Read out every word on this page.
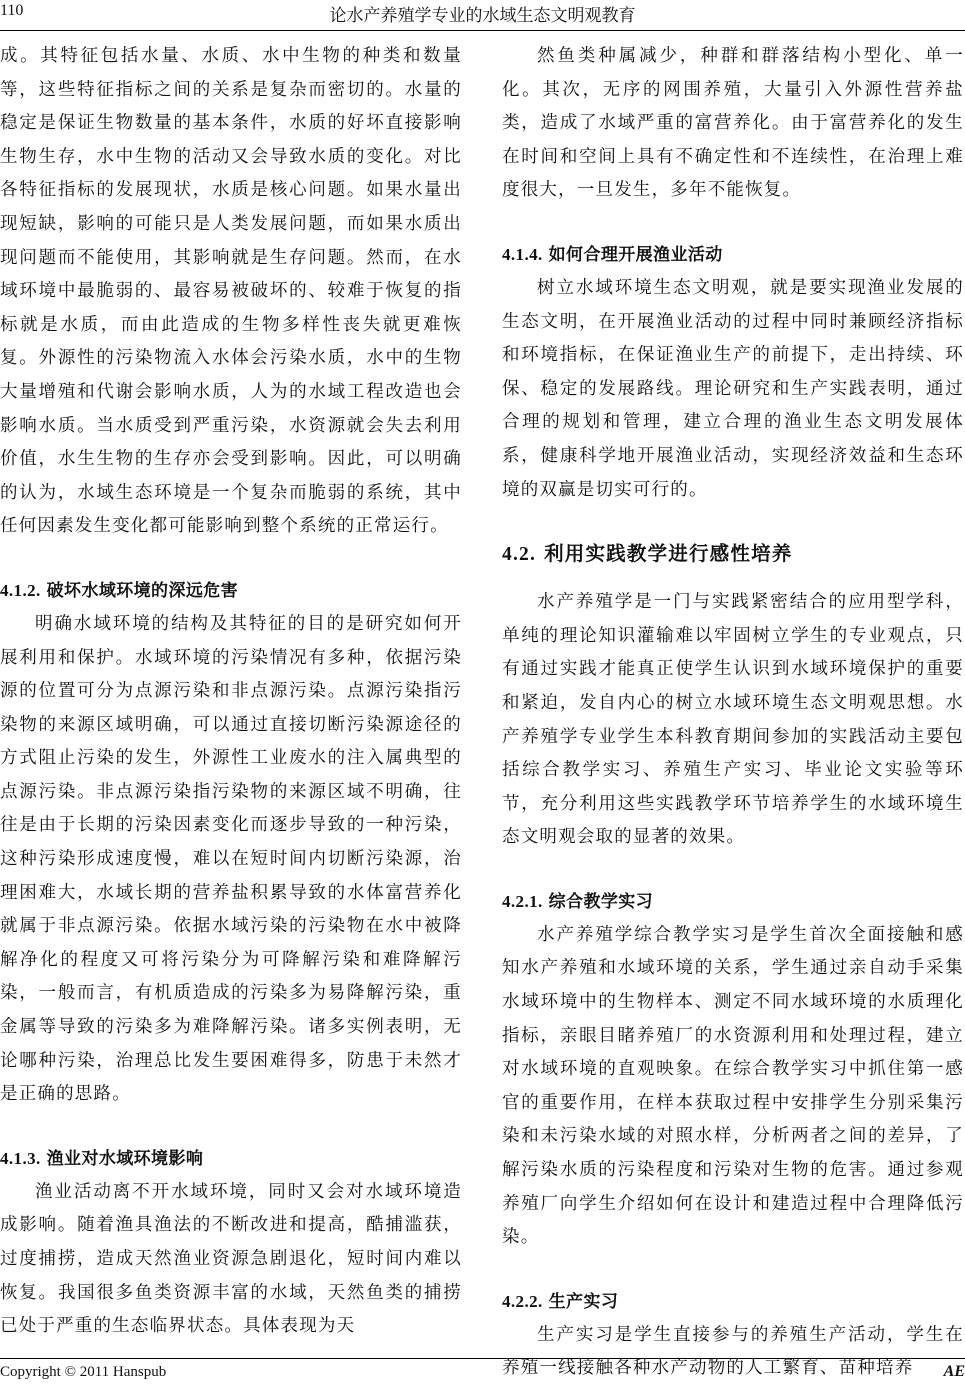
110	论水产养殖学专业的水域生态文明观教育

成。其特征包括水量、水质、水中生物的种类和数量等，这些特征指标之间的关系是复杂而密切的。水量的稳定是保证生物数量的基本条件，水质的好坏直接影响生物生存，水中生物的活动又会导致水质的变化。对比各特征指标的发展现状，水质是核心问题。如果水量出现短缺，影响的可能只是人类发展问题，而如果水质出现问题而不能使用，其影响就是生存问题。然而，在水域环境中最脆弱的、最容易被破坏的、较难于恢复的指标就是水质，而由此造成的生物多样性丧失就更难恢复。外源性的污染物流入水体会污染水质，水中的生物大量增殖和代谢会影响水质，人为的水域工程改造也会影响水质。当水质受到严重污染，水资源就会失去利用价值，水生生物的生存亦会受到影响。因此，可以明确的认为，水域生态环境是一个复杂而脆弱的系统，其中任何因素发生变化都可能影响到整个系统的正常运行。

4.1.2. 破坏水域环境的深远危害

明确水域环境的结构及其特征的目的是研究如何开展利用和保护。水域环境的污染情况有多种，依据污染源的位置可分为点源污染和非点源污染。点源污染指污染物的来源区域明确，可以通过直接切断污染源途径的方式阻止污染的发生，外源性工业废水的注入属典型的点源污染。非点源污染指污染物的来源区域不明确，往往是由于长期的污染因素变化而逐步导致的一种污染，这种污染形成速度慢，难以在短时间内切断污染源，治理困难大，水域长期的营养盐积累导致的水体富营养化就属于非点源污染。依据水域污染的污染物在水中被降解净化的程度又可将污染分为可降解污染和难降解污染，一般而言，有机质造成的污染多为易降解污染，重金属等导致的污染多为难降解污染。诸多实例表明，无论哪种污染，治理总比发生要困难得多，防患于未然才是正确的思路。

4.1.3. 渔业对水域环境影响

渔业活动离不开水域环境，同时又会对水域环境造成影响。随着渔具渔法的不断改进和提高，酷捕滥获，过度捕捞，造成天然渔业资源急剧退化，短时间内难以恢复。我国很多鱼类资源丰富的水域，天然鱼类的捕捞已处于严重的生态临界状态。具体表现为天

然鱼类种属减少，种群和群落结构小型化、单一化。其次，无序的网围养殖，大量引入外源性营养盐类，造成了水域严重的富营养化。由于富营养化的发生在时间和空间上具有不确定性和不连续性，在治理上难度很大，一旦发生，多年不能恢复。

4.1.4. 如何合理开展渔业活动

树立水域环境生态文明观，就是要实现渔业发展的生态文明，在开展渔业活动的过程中同时兼顾经济指标和环境指标，在保证渔业生产的前提下，走出持续、环保、稳定的发展路线。理论研究和生产实践表明，通过合理的规划和管理，建立合理的渔业生态文明发展体系，健康科学地开展渔业活动，实现经济效益和生态环境的双赢是切实可行的。

4.2. 利用实践教学进行感性培养

水产养殖学是一门与实践紧密结合的应用型学科，单纯的理论知识灌输难以牢固树立学生的专业观点，只有通过实践才能真正使学生认识到水域环境保护的重要和紧迫，发自内心的树立水域环境生态文明观思想。水产养殖学专业学生本科教育期间参加的实践活动主要包括综合教学实习、养殖生产实习、毕业论文实验等环节，充分利用这些实践教学环节培养学生的水域环境生态文明观会取的显著的效果。

4.2.1. 综合教学实习

水产养殖学综合教学实习是学生首次全面接触和感知水产养殖和水域环境的关系，学生通过亲自动手采集水域环境中的生物样本、测定不同水域环境的水质理化指标，亲眼目睹养殖厂的水资源利用和处理过程，建立对水域环境的直观映象。在综合教学实习中抓住第一感官的重要作用，在样本获取过程中安排学生分别采集污染和未污染水域的对照水样，分析两者之间的差异，了解污染水质的污染程度和污染对生物的危害。通过参观养殖厂向学生介绍如何在设计和建造过程中合理降低污染。

4.2.2. 生产实习

生产实习是学生直接参与的养殖生产活动，学生在养殖一线接触各种水产动物的人工繁育、苗种培养

Copyright © 2011 Hanspub	AE
